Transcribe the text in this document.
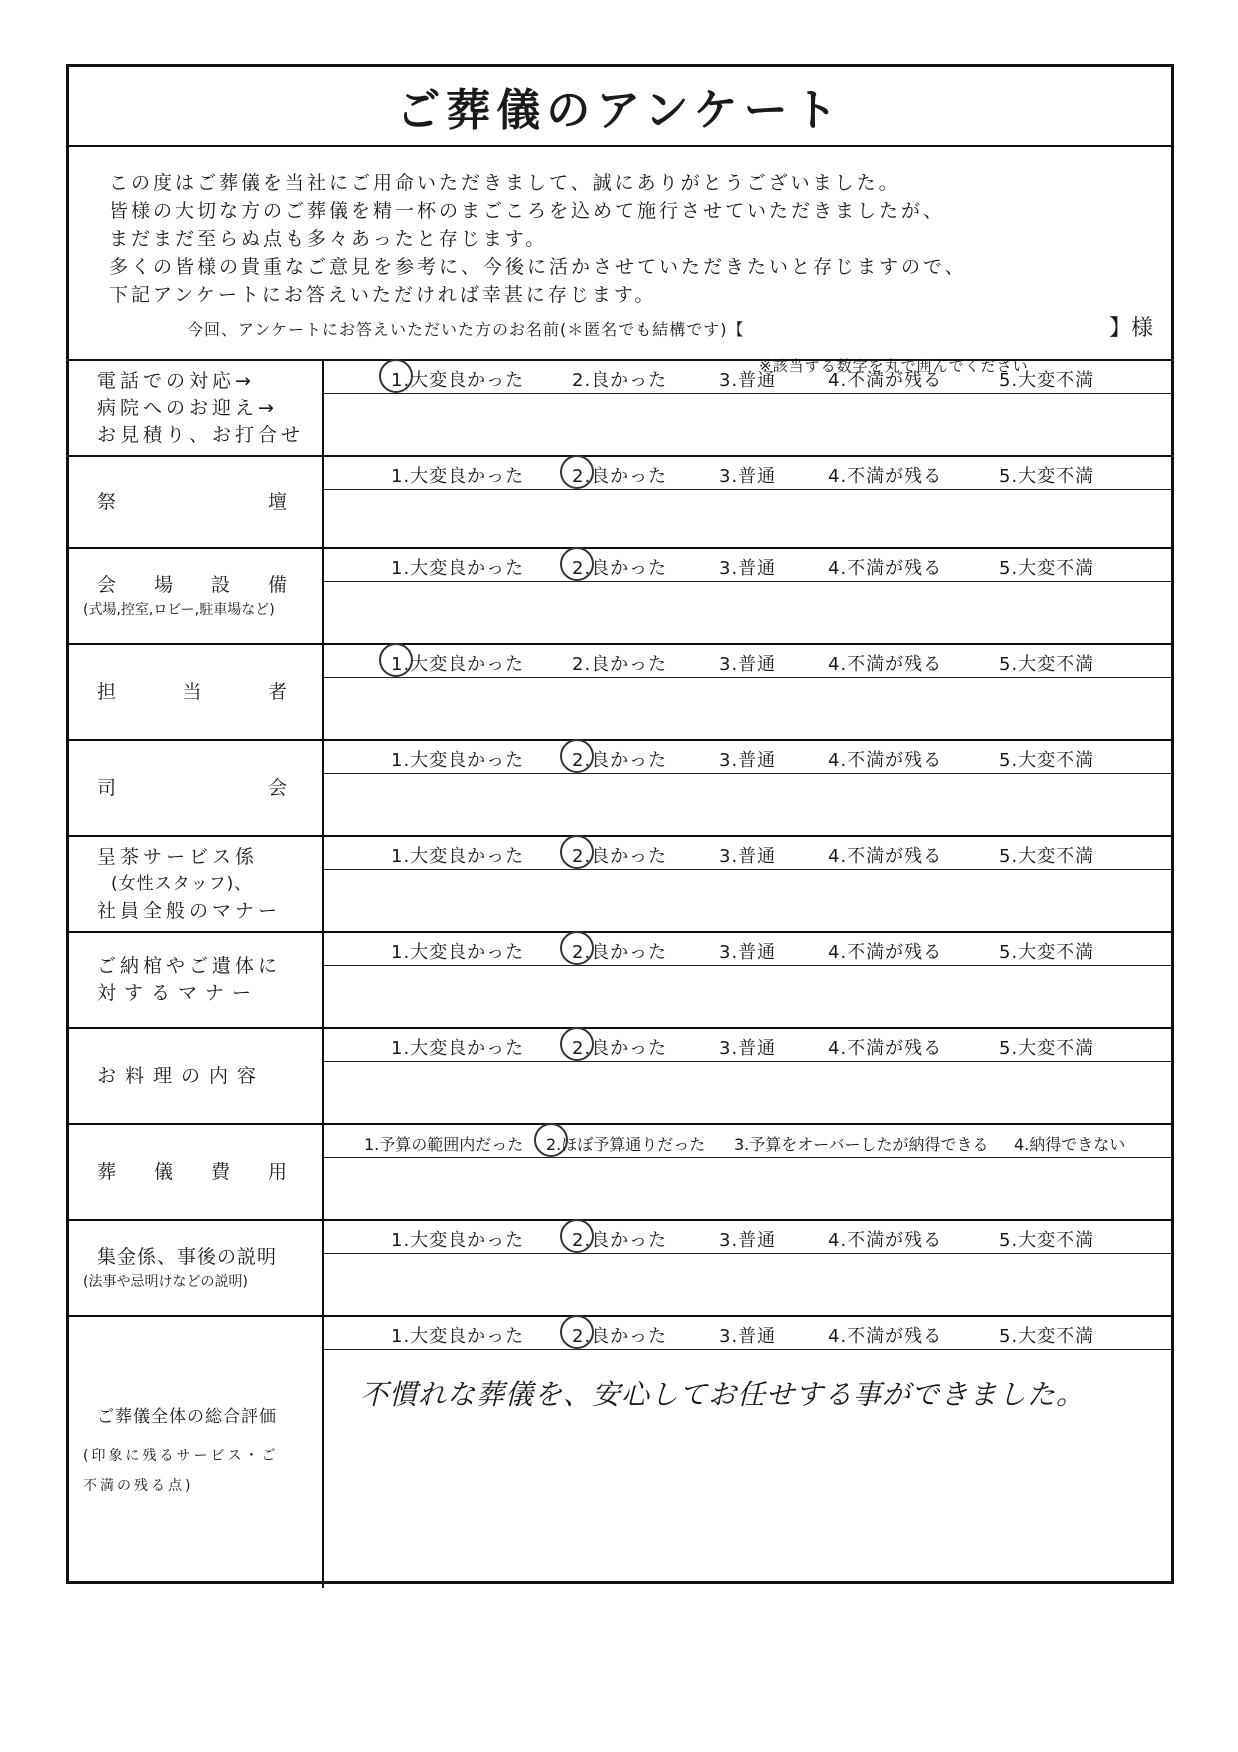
ご葬儀のアンケート
この度はご葬儀を当社にご用命いただきまして、誠にありがとうございました。
皆様の大切な方のご葬儀を精一杯のまごころを込めて施行させていただきましたが、
まだまだ至らぬ点も多々あったと存じます。
多くの皆様の貴重なご意見を参考に、今後に活かさせていただきたいと存じますので、
下記アンケートにお答えいただければ幸甚に存じます。
※該当する数字を丸で囲んでください
今回、アンケートにお答えいただいた方のお名前(＊匿名でも結構です)【	】様
電話での対応→
病院へのお迎え→
お見積り、お打合せ
1.大変良かった	2.良かった	3.普通	4.不満が残る	5.大変不満
祭	壇
1.大変良かった	2.良かった	3.普通	4.不満が残る	5.大変不満
会 場 設 備
(式場,控室,ロビー,駐車場など)
1.大変良かった	2.良かった	3.普通	4.不満が残る	5.大変不満
担	当	者
1.大変良かった	2.良かった	3.普通	4.不満が残る	5.大変不満
司	会
1.大変良かった	2.良かった	3.普通	4.不満が残る	5.大変不満
呈茶サービス係
(女性スタッフ)、
社員全般のマナー
1.大変良かった	2.良かった	3.普通	4.不満が残る	5.大変不満
ご納棺やご遺体に
対するマナー
1.大変良かった	2.良かった	3.普通	4.不満が残る	5.大変不満
お料理の内容
1.大変良かった	2.良かった	3.普通	4.不満が残る	5.大変不満
葬 儀 費 用
1.予算の範囲内だった 2.ほぼ予算通りだった 3.予算をオーバーしたが納得できる 4.納得できない
集金係、事後の説明
(法事や忌明けなどの説明)
1.大変良かった	2.良かった	3.普通	4.不満が残る	5.大変不満
ご葬儀全体の総合評価
(印象に残るサービス・ご不満の残る点)
1.大変良かった	2.良かった	3.普通	4.不満が残る	5.大変不満
不慣れな葬儀を、安心してお任せする事ができました。
